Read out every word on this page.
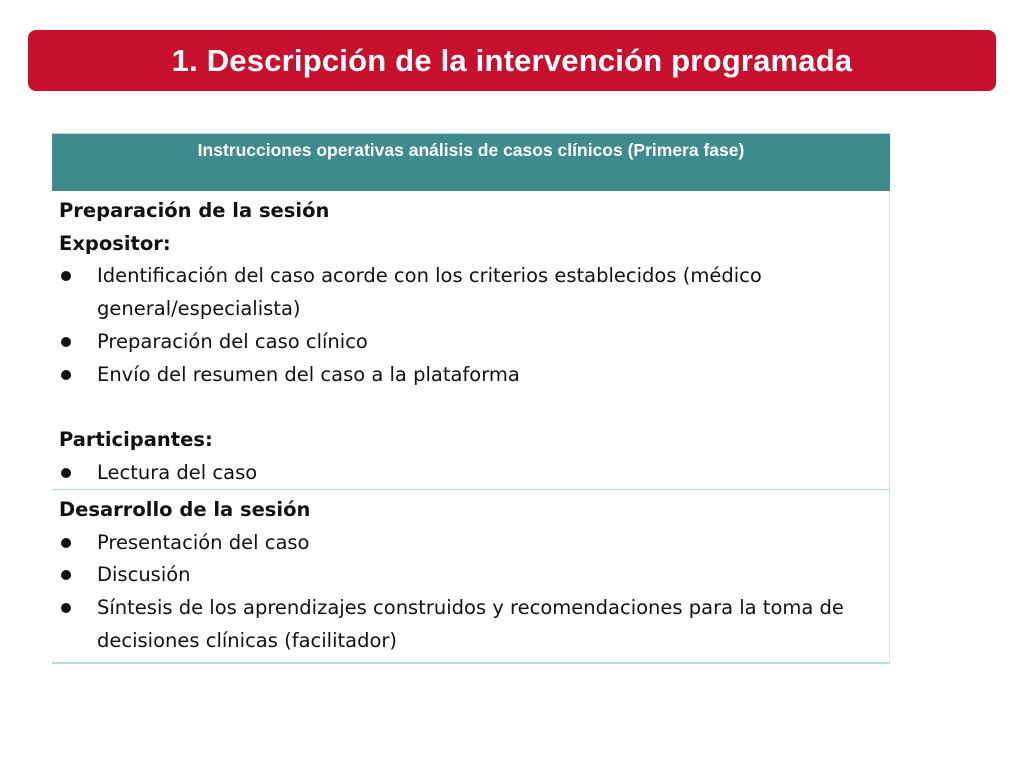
1. Descripción de la intervención programada
Instrucciones operativas análisis de casos clínicos (Primera fase)
Preparación de la sesión
Expositor:
Identificación del caso acorde con los criterios establecidos (médico general/especialista)
Preparación del caso clínico
Envío del resumen del caso a la plataforma
Participantes:
Lectura del caso
Desarrollo de la sesión
Presentación del caso
Discusión
Síntesis de los aprendizajes construidos y recomendaciones para la toma de decisiones clínicas (facilitador)
